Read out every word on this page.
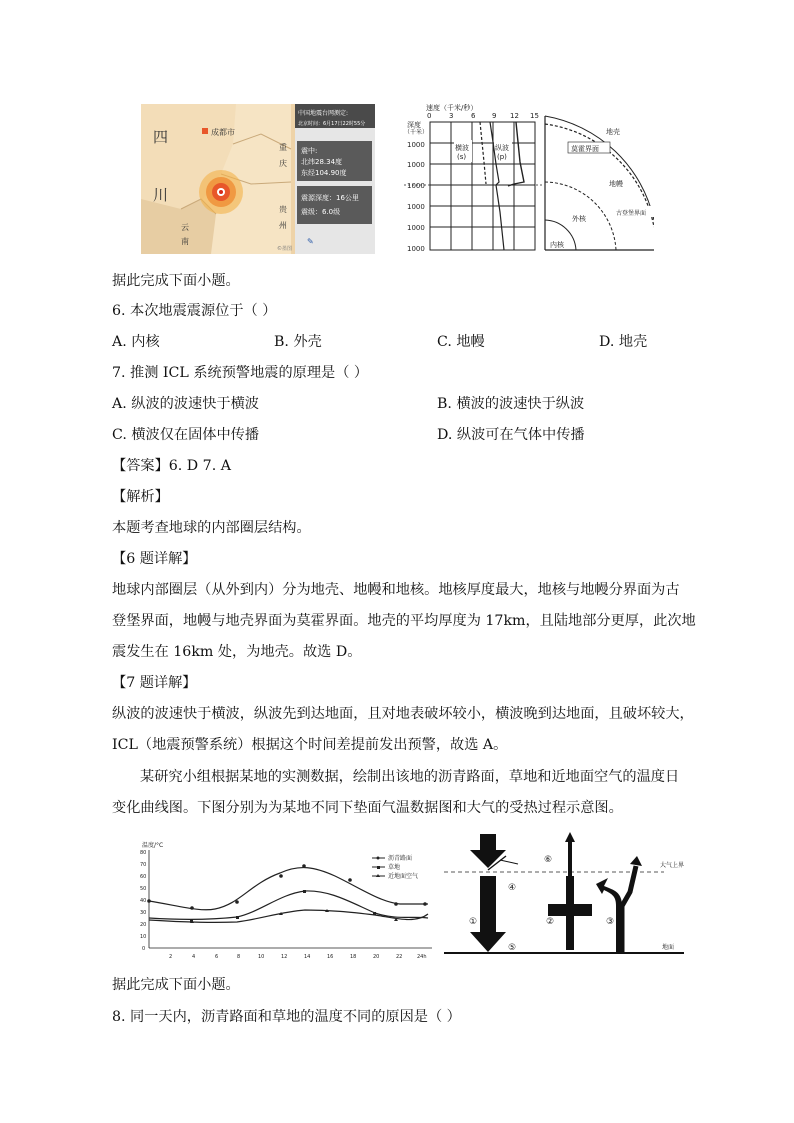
四
川
成都市
重
庆
贵
州
云
南
©墨图
中国地震台网测定:
北京时间：6月17日22时55分
震中:
北纬28.34度
东经104.90度
震源深度：16公里
震级：6.0级
✎
速度（千米/秒）
0	3	6 9 12 15
深度
（千米）
1000
1000
1000
1000
1000
1000
横波
(s)
纵波
(p)
地壳
莫霍界面
地幔
古登堡界面
外核
内核
据此完成下面小题。
6. 本次地震震源位于（ ）
A. 内核	B. 外壳	C. 地幔	D. 地壳
7. 推测 ICL 系统预警地震的原理是（ ）
A. 纵波的波速快于横波	B. 横波的波速快于纵波
C. 横波仅在固体中传播	D. 纵波可在气体中传播
【答案】6. D 7. A
【解析】
本题考查地球的内部圈层结构。
【6 题详解】
地球内部圈层（从外到内）分为地壳、地幔和地核。地核厚度最大，地核与地幔分界面为古
登堡界面，地幔与地壳界面为莫霍界面。地壳的平均厚度为 17km，且陆地部分更厚，此次地
震发生在 16km 处，为地壳。故选 D。
【7 题详解】
纵波的波速快于横波，纵波先到达地面，且对地表破坏较小，横波晚到达地面，且破坏较大，
ICL（地震预警系统）根据这个时间差提前发出预警，故选 A。
某研究小组根据某地的实测数据，绘制出该地的沥青路面，草地和近地面空气的温度日
变化曲线图。下图分别为为某地不同下垫面气温数据图和大气的受热过程示意图。
温度/°C
80
70
60
50
40
30
20
10
0
2	4	6	8	10	12	14	16	18	20	22	24h
沥青路面
草地
近地面空气
大气上界
地面
①	②	③
④
⑤
⑥
据此完成下面小题。
8. 同一天内，沥青路面和草地的温度不同的原因是（ ）
